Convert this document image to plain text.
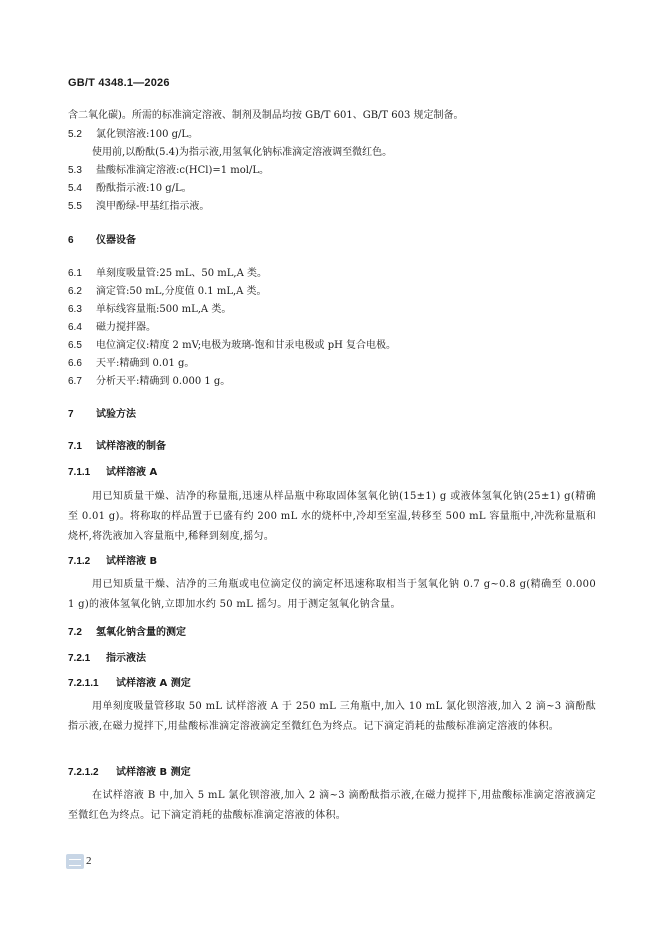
GB/T 4348.1—2026
含二氧化碳)。所需的标准滴定溶液、制剂及制品均按 GB/T 601、GB/T 603 规定制备。
5.2 氯化钡溶液:100 g/L。
使用前,以酚酞(5.4)为指示液,用氢氧化钠标准滴定溶液调至微红色。
5.3 盐酸标准滴定溶液:c(HCl)=1 mol/L。
5.4 酚酞指示液:10 g/L。
5.5 溴甲酚绿-甲基红指示液。
6 仪器设备
6.1 单刻度吸量管:25 mL、50 mL,A 类。
6.2 滴定管:50 mL,分度值 0.1 mL,A 类。
6.3 单标线容量瓶:500 mL,A 类。
6.4 磁力搅拌器。
6.5 电位滴定仪:精度 2 mV;电极为玻璃-饱和甘汞电极或 pH 复合电极。
6.6 天平:精确到 0.01 g。
6.7 分析天平:精确到 0.000 1 g。
7 试验方法
7.1 试样溶液的制备
7.1.1 试样溶液 A
用已知质量干燥、洁净的称量瓶,迅速从样品瓶中称取固体氢氧化钠(15±1) g 或液体氢氧化钠(25±1) g(精确至 0.01 g)。将称取的样品置于已盛有约 200 mL 水的烧杯中,冷却至室温,转移至 500 mL 容量瓶中,冲洗称量瓶和烧杯,将洗液加入容量瓶中,稀释到刻度,摇匀。
7.1.2 试样溶液 B
用已知质量干燥、洁净的三角瓶或电位滴定仪的滴定杯迅速称取相当于氢氧化钠 0.7 g~0.8 g(精确至 0.000 1 g)的液体氢氧化钠,立即加水约 50 mL 摇匀。用于测定氢氧化钠含量。
7.2 氢氧化钠含量的测定
7.2.1 指示液法
7.2.1.1 试样溶液 A 测定
用单刻度吸量管移取 50 mL 试样溶液 A 于 250 mL 三角瓶中,加入 10 mL 氯化钡溶液,加入 2 滴~3 滴酚酞指示液,在磁力搅拌下,用盐酸标准滴定溶液滴定至微红色为终点。记下滴定消耗的盐酸标准滴定溶液的体积。
7.2.1.2 试样溶液 B 测定
在试样溶液 B 中,加入 5 mL 氯化钡溶液,加入 2 滴~3 滴酚酞指示液,在磁力搅拌下,用盐酸标准滴定溶液滴定至微红色为终点。记下滴定消耗的盐酸标准滴定溶液的体积。
2
